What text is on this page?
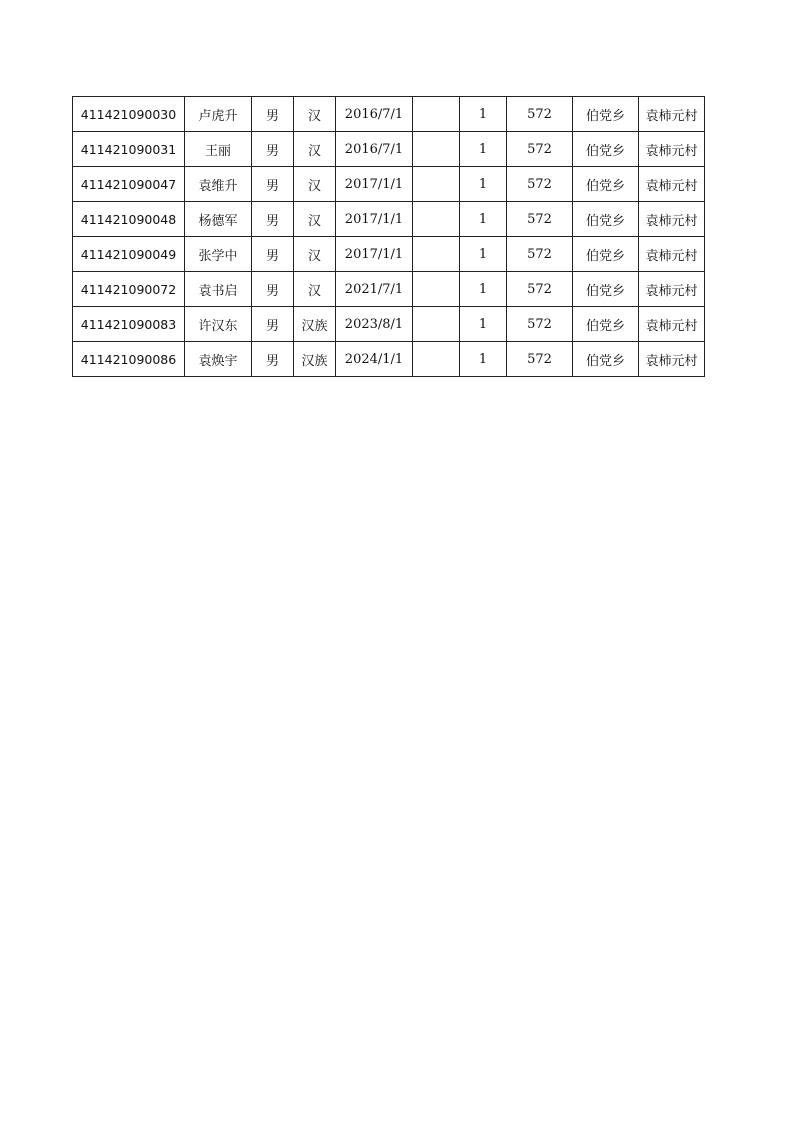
411421090030	卢虎升	男	汉	2016/7/1		1	572	伯党乡	袁柿元村
411421090031	王丽	男	汉	2016/7/1		1	572	伯党乡	袁柿元村
411421090047	袁维升	男	汉	2017/1/1		1	572	伯党乡	袁柿元村
411421090048	杨德军	男	汉	2017/1/1		1	572	伯党乡	袁柿元村
411421090049	张学中	男	汉	2017/1/1		1	572	伯党乡	袁柿元村
411421090072	袁书启	男	汉	2021/7/1		1	572	伯党乡	袁柿元村
411421090083	许汉东	男	汉族	2023/8/1		1	572	伯党乡	袁柿元村
411421090086	袁焕宇	男	汉族	2024/1/1		1	572	伯党乡	袁柿元村
